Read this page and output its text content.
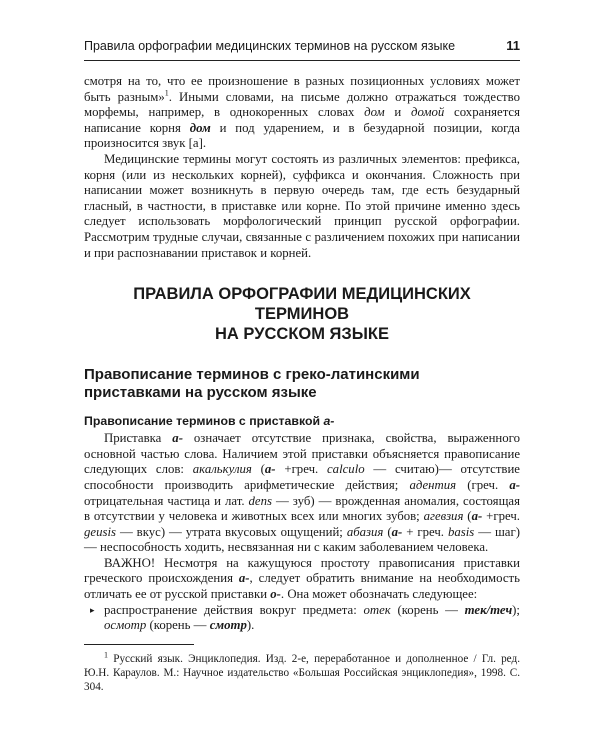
Правила орфографии медицинских терминов на русском языке	11

смотря на то, что ее произношение в разных позиционных условиях может быть разным»$^1$. Иными словами, на письме должно отражаться тождество морфемы, например, в однокоренных словах дом и домой сохраняется написание корня дом и под ударением, и в безударной позиции, когда произносится звук [а].

Медицинские термины могут состоять из различных элементов: префикса, корня (или из нескольких корней), суффикса и окончания. Сложность при написании может возникнуть в первую очередь там, где есть безударный гласный, в частности, в приставке или корне. По этой причине именно здесь следует использовать морфологический принцип русской орфографии. Рассмотрим трудные случаи, связанные с различением похожих при написании и при распознавании приставок и корней.

ПРАВИЛА ОРФОГРАФИИ МЕДИЦИНСКИХ ТЕРМИНОВ
НА РУССКОМ ЯЗЫКЕ
Правописание терминов с греко-латинскими
приставками на русском языке
Правописание терминов с приставкой а-

Приставка а- означает отсутствие признака, свойства, выраженного основной частью слова. Наличием этой приставки объясняется правописание следующих слов: акалькулия (а- +греч. calculo — считаю)— отсутствие способности производить арифметические действия; адентия (греч. а- отрицательная частица и лат. dens — зуб) — врожденная аномалия, состоящая в отсутствии у человека и животных всех или многих зубов; агевзия (а- +греч. geusis — вкус) — утрата вкусовых ощущений; абазия (а- + греч. basis — шаг) — неспособность ходить, несвязанная ни с каким заболеванием человека.

ВАЖНО! Несмотря на кажущуюся простоту правописания приставки греческого происхождения а-, следует обратить внимание на необходимость отличать ее от русской приставки о-. Она может обозначать следующее:

▸ распространение действия вокруг предмета: отек (корень — тек/теч); осмотр (корень — смотр).

$^1$ Русский язык. Энциклопедия. Изд. 2-е, переработанное и дополненное / Гл. ред. Ю.Н. Караулов. М.: Научное издательство «Большая Российская энциклопедия», 1998. С. 304.
